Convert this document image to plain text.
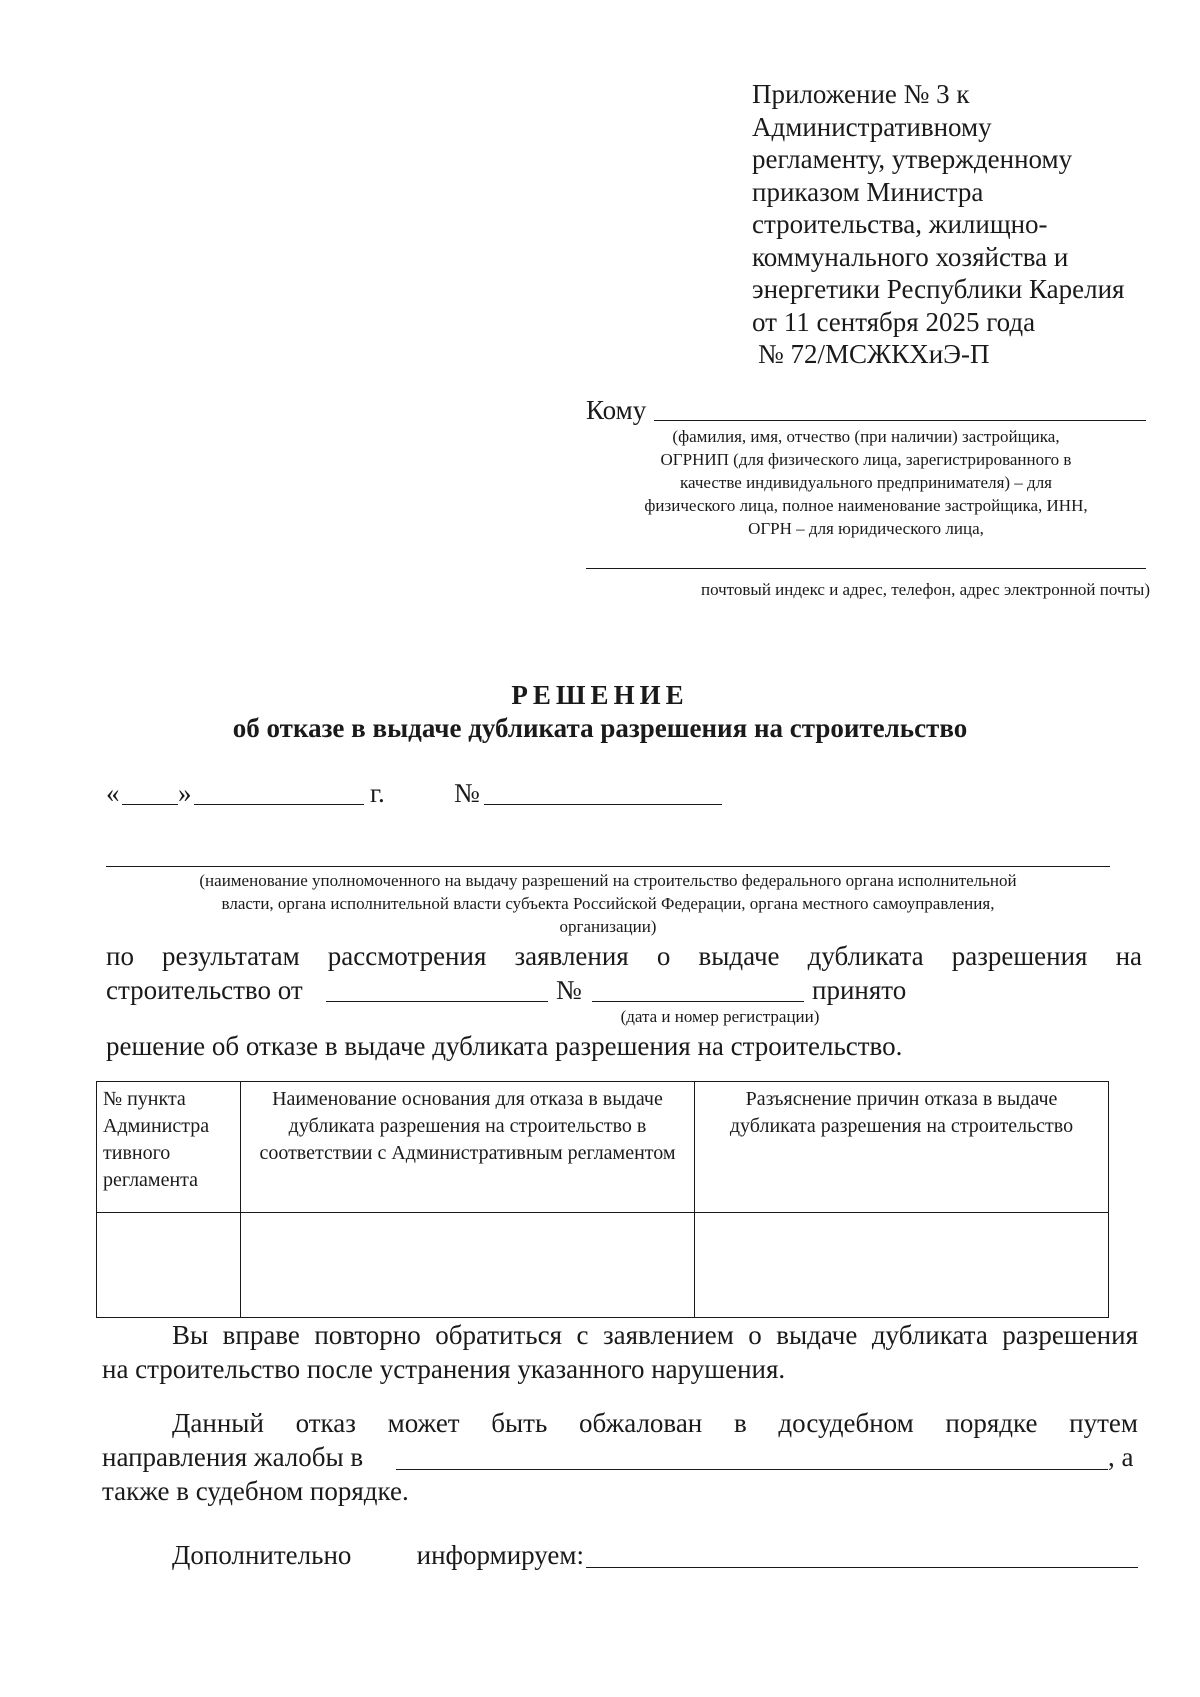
Приложение № 3 к
Административному
регламенту, утвержденному
приказом Министра
строительства, жилищно-
коммунального хозяйства и
энергетики Республики Карелия
от 11 сентября 2025 года
№ 72/МСЖКХиЭ-П
Кому
(фамилия, имя, отчество (при наличии) застройщика,
ОГРНИП (для физического лица, зарегистрированного в
качестве индивидуального предпринимателя) – для
физического лица, полное наименование застройщика, ИНН,
ОГРН – для юридического лица,
почтовый индекс и адрес, телефон, адрес электронной почты)
РЕШЕНИЕ
об отказе в выдаче дубликата разрешения на строительство
« »	г.	№
(наименование уполномоченного на выдачу разрешений на строительство федерального органа исполнительной
власти, органа исполнительной власти субъекта Российской Федерации, органа местного самоуправления,
организации)
по результатам рассмотрения заявления о выдаче дубликата разрешения на
строительство от	№	принято
(дата и номер регистрации)
решение об отказе в выдаче дубликата разрешения на строительство.
№ пункта Администра тивного регламента	Наименование основания для отказа в выдаче дубликата разрешения на строительство в соответствии с Административным регламентом	Разъяснение причин отказа в выдаче дубликата разрешения на строительство

Вы вправе повторно обратиться с заявлением о выдаче дубликата разрешения
на строительство после устранения указанного нарушения.
Данный отказ может быть обжалован в досудебном порядке путем
направления жалобы в	, а
также в судебном порядке.
Дополнительно информируем:
